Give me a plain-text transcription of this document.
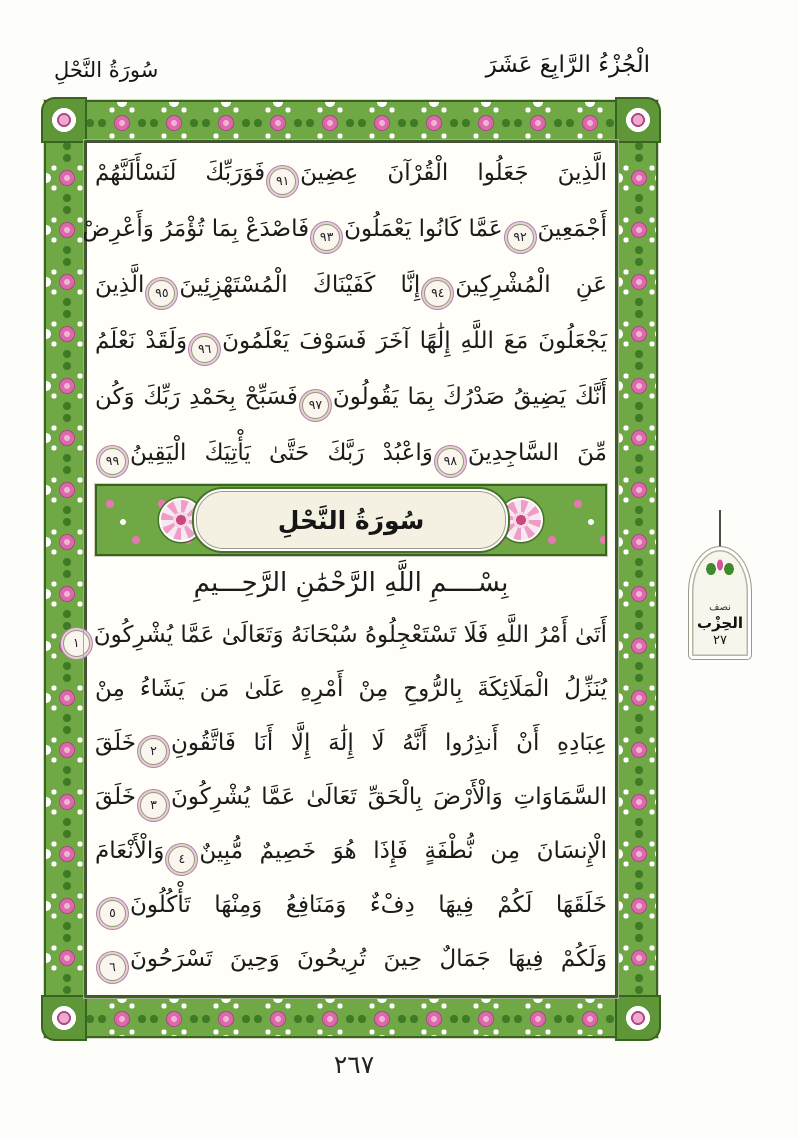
الْجُزْءُ الرَّابِعَ عَشَرَ
سُورَةُ النَّحْلِ
الَّذِينَ جَعَلُوا الْقُرْآنَ عِضِينَ٩١فَوَرَبِّكَ لَنَسْأَلَنَّهُمْ
أَجْمَعِينَ٩٢عَمَّا كَانُوا يَعْمَلُونَ٩٣فَاصْدَعْ بِمَا تُؤْمَرُ وَأَعْرِضْ
عَنِ الْمُشْرِكِينَ٩٤إِنَّا كَفَيْنَاكَ الْمُسْتَهْزِئِينَ٩٥الَّذِينَ
يَجْعَلُونَ مَعَ اللَّهِ إِلَٰهًا آخَرَ فَسَوْفَ يَعْلَمُونَ٩٦وَلَقَدْ نَعْلَمُ
أَنَّكَ يَضِيقُ صَدْرُكَ بِمَا يَقُولُونَ٩٧فَسَبِّحْ بِحَمْدِ رَبِّكَ وَكُن
مِّنَ السَّاجِدِينَ٩٨وَاعْبُدْ رَبَّكَ حَتَّىٰ يَأْتِيَكَ الْيَقِينُ٩٩
سُورَةُ النَّحْلِ
بِسْــــمِ اللَّهِ الرَّحْمَٰنِ الرَّحِـــيمِ
أَتَىٰ أَمْرُ اللَّهِ فَلَا تَسْتَعْجِلُوهُ سُبْحَانَهُ وَتَعَالَىٰ عَمَّا يُشْرِكُونَ١
يُنَزِّلُ الْمَلَائِكَةَ بِالرُّوحِ مِنْ أَمْرِهِ عَلَىٰ مَن يَشَاءُ مِنْ
عِبَادِهِ أَنْ أَنذِرُوا أَنَّهُ لَا إِلَٰهَ إِلَّا أَنَا فَاتَّقُونِ٢خَلَقَ
السَّمَاوَاتِ وَالْأَرْضَ بِالْحَقِّ تَعَالَىٰ عَمَّا يُشْرِكُونَ٣خَلَقَ
الْإِنسَانَ مِن نُّطْفَةٍ فَإِذَا هُوَ خَصِيمٌ مُّبِينٌ٤وَالْأَنْعَامَ
خَلَقَهَا لَكُمْ فِيهَا دِفْءٌ وَمَنَافِعُ وَمِنْهَا تَأْكُلُونَ٥
وَلَكُمْ فِيهَا جَمَالٌ حِينَ تُرِيحُونَ وَحِينَ تَسْرَحُونَ٦
نصف
الحِزْب
٢٧
٢٦٧
